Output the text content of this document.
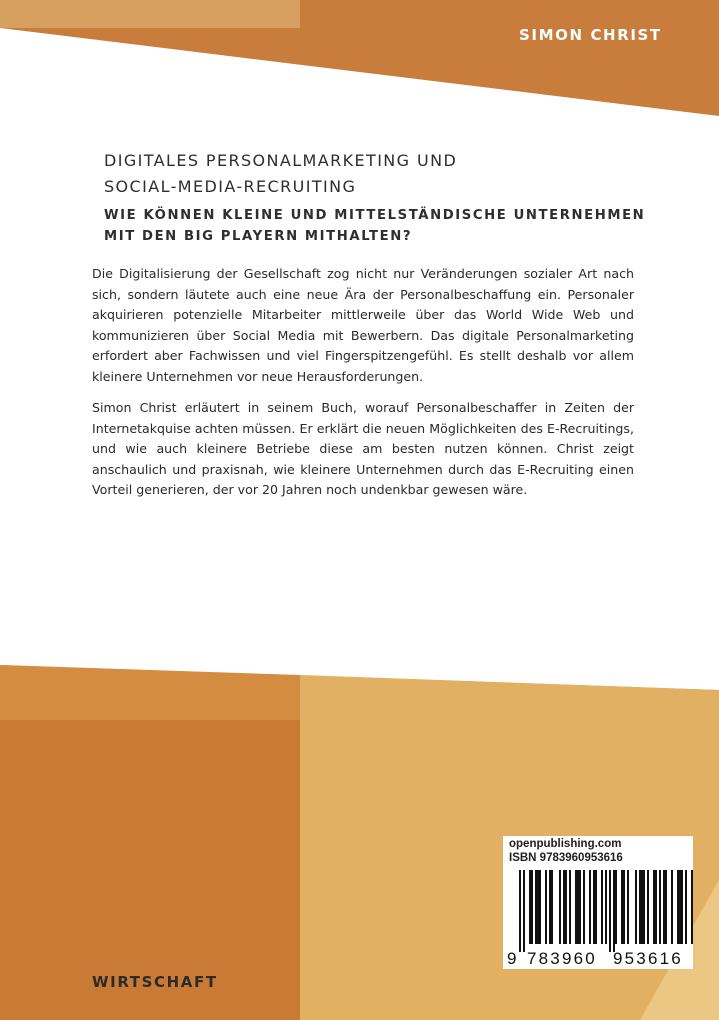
SIMON CHRIST
DIGITALES PERSONALMARKETING UND
SOCIAL-MEDIA-RECRUITING
WIE KÖNNEN KLEINE UND MITTELSTÄNDISCHE UNTERNEHMEN
MIT DEN BIG PLAYERN MITHALTEN?

Die Digitalisierung der Gesellschaft zog nicht nur Veränderungen sozialer Art nach sich, sondern läutete auch eine neue Ära der Personalbeschaffung ein. Personaler akquirieren potenzielle Mitarbeiter mittlerweile über das World Wide Web und kommunizieren über Social Media mit Bewerbern. Das digitale Personalmarketing erfordert aber Fachwissen und viel Fingerspitzengefühl. Es stellt deshalb vor allem kleinere Unternehmen vor neue Herausforderungen.

Simon Christ erläutert in seinem Buch, worauf Personalbeschaffer in Zeiten der Internetakquise achten müssen. Er erklärt die neuen Möglichkeiten des E-Recruitings, und wie auch kleinere Betriebe diese am besten nutzen können. Christ zeigt anschaulich und praxisnah, wie kleinere Unternehmen durch das E-Recruiting einen Vorteil generieren, der vor 20 Jahren noch undenkbar gewesen wäre.

WIRTSCHAFT
openpublishing.com
ISBN 9783960953616
9 783960 953616
